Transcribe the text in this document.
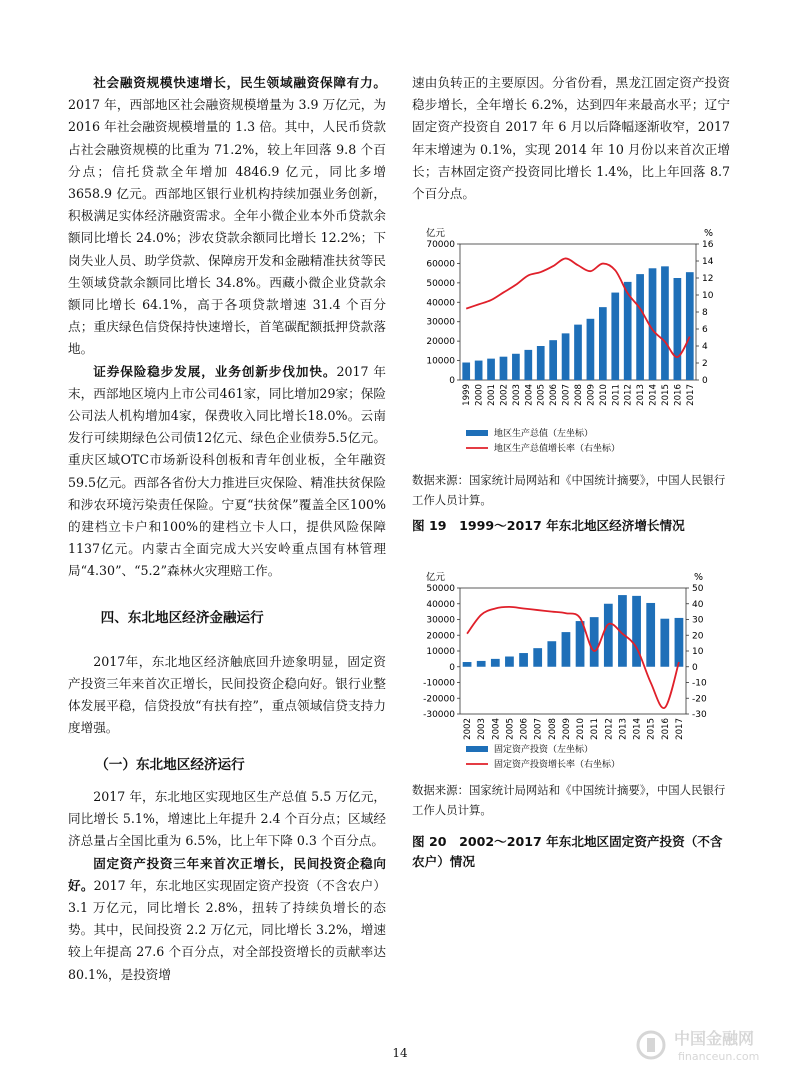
社会融资规模快速增长，民生领域融资保障有力。2017 年，西部地区社会融资规模增量为 3.9 万亿元，为 2016 年社会融资规模增量的 1.3 倍。其中，人民币贷款占社会融资规模的比重为 71.2%，较上年回落 9.8 个百分点；信托贷款全年增加 4846.9 亿元，同比多增 3658.9 亿元。西部地区银行业机构持续加强业务创新，积极满足实体经济融资需求。全年小微企业本外币贷款余额同比增长 24.0%；涉农贷款余额同比增长 12.2%；下岗失业人员、助学贷款、保障房开发和金融精准扶贫等民生领域贷款余额同比增长 34.8%。西藏小微企业贷款余额同比增长 64.1%，高于各项贷款增速 31.4 个百分点；重庆绿色信贷保持快速增长，首笔碳配额抵押贷款落地。

证券保险稳步发展，业务创新步伐加快。2017 年末，西部地区境内上市公司461家，同比增加29家；保险公司法人机构增加4家，保费收入同比增长18.0%。云南发行可续期绿色公司债12亿元、绿色企业债券5.5亿元。重庆区域OTC市场新设科创板和青年创业板，全年融资59.5亿元。西部各省份大力推进巨灾保险、精准扶贫保险和涉农环境污染责任保险。宁夏“扶贫保”覆盖全区100%的建档立卡户和100%的建档立卡人口，提供风险保障1137亿元。内蒙古全面完成大兴安岭重点国有林管理局“4.30”、“5.2”森林火灾理赔工作。

四、东北地区经济金融运行

2017年，东北地区经济触底回升迹象明显，固定资产投资三年来首次正增长，民间投资企稳向好。银行业整体发展平稳，信贷投放“有扶有控”，重点领域信贷支持力度增强。

（一）东北地区经济运行

2017 年，东北地区实现地区生产总值 5.5 万亿元，同比增长 5.1%，增速比上年提升 2.4 个百分点；区域经济总量占全国比重为 6.5%，比上年下降 0.3 个百分点。

固定资产投资三年来首次正增长，民间投资企稳向好。2017 年，东北地区实现固定资产投资（不含农户）3.1 万亿元，同比增长 2.8%，扭转了持续负增长的态势。其中，民间投资 2.2 万亿元，同比增长 3.2%，增速较上年提高 27.6 个百分点，对全部投资增长的贡献率达 80.1%，是投资增

速由负转正的主要原因。分省份看，黑龙江固定资产投资稳步增长，全年增长 6.2%，达到四年来最高水平；辽宁固定资产投资自 2017 年 6 月以后降幅逐渐收窄，2017 年末增速为 0.1%，实现 2014 年 10 月份以来首次正增长；吉林固定资产投资同比增长 1.4%，比上年回落 8.7 个百分点。

亿元	%
0
10000
20000
30000
40000
50000
60000
70000
0
2
4
6
8
10
12
14
16
1999 2000 2001 2002 2003 2004 2005 2006 2007 2008 2009 2010 2011 2012 2013 2014 2015 2016 2017
地区生产总值（左坐标）
地区生产总值增长率（右坐标）
数据来源：国家统计局网站和《中国统计摘要》，中国人民银行工作人员计算。
图 19　1999～2017 年东北地区经济增长情况
亿元	%
-30000
-20000
-10000
0
10000
20000
30000
40000
50000
-30
-20
-10
0
10
20
30
40
50
2002 2003 2004 2005 2006 2007 2008 2009 2010 2011 2012 2013 2014 2015 2016 2017
固定资产投资（左坐标）
固定资产投资增长率（右坐标）
数据来源：国家统计局网站和《中国统计摘要》，中国人民银行工作人员计算。
图 20　2002～2017 年东北地区固定资产投资（不含农户）情况
14
中国金融网
financeun.com
